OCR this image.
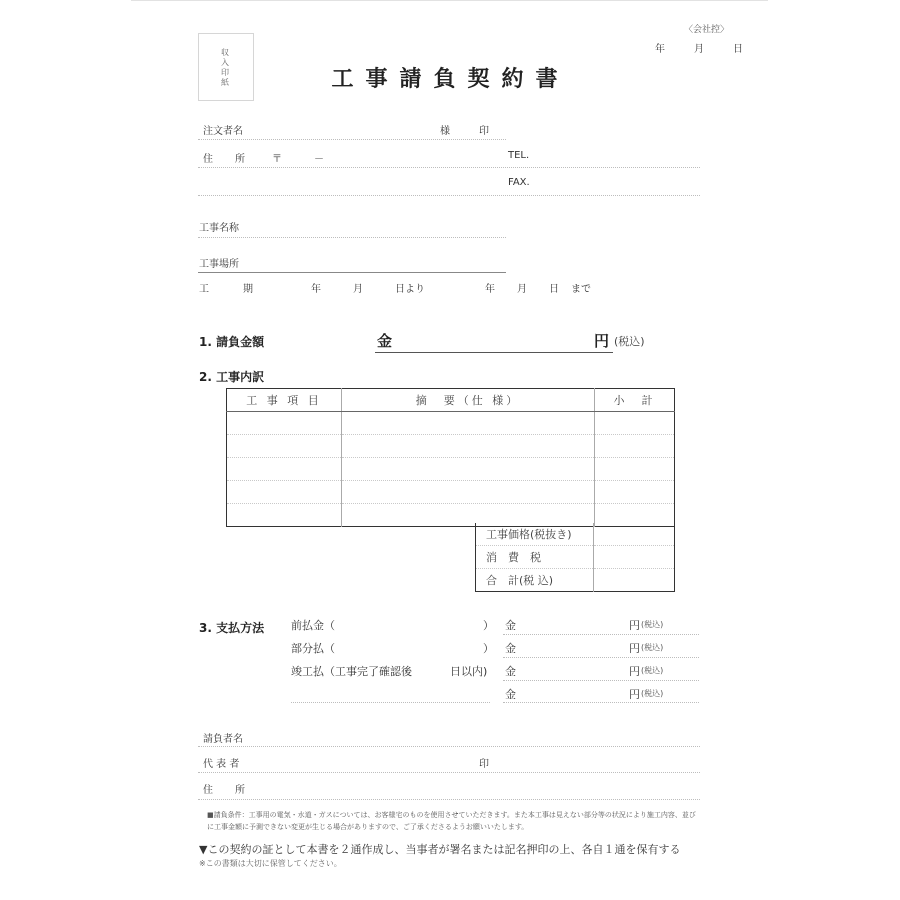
〈会社控〉
年	月	日
収入印紙	工事請負契約書
注文者名	様	印
住　所 〒	－	TEL.
FAX.
工事名称
工事場所
工　期	年	月	日より	年 月 日 まで
1. 請負金額	金	円 (税込)
2. 工事内訳
工 事 項 目	摘　要（仕 様）	小　計

工事価格(税抜き)	
消　費　税	
合　計(税 込)	
3. 支払方法 前払金（	） 金	円 (税込)
部分払（	） 金	円 (税込)
竣工払（工事完了確認後	日以内) 金	円 (税込)
金	円 (税込)
請負者名
代 表 者	印
住　所
■請負条件：工事用の電気・水道・ガスについては、お客様宅のものを使用させていただきます。また本工事は見えない部分等の状況により施工内容、並びに工事金額に予測できない変更が生じる場合がありますので、ご了承くださるようお願いいたします。
▼この契約の証として本書を２通作成し、当事者が署名または記名押印の上、各自１通を保有する
※この書類は大切に保管してください。
